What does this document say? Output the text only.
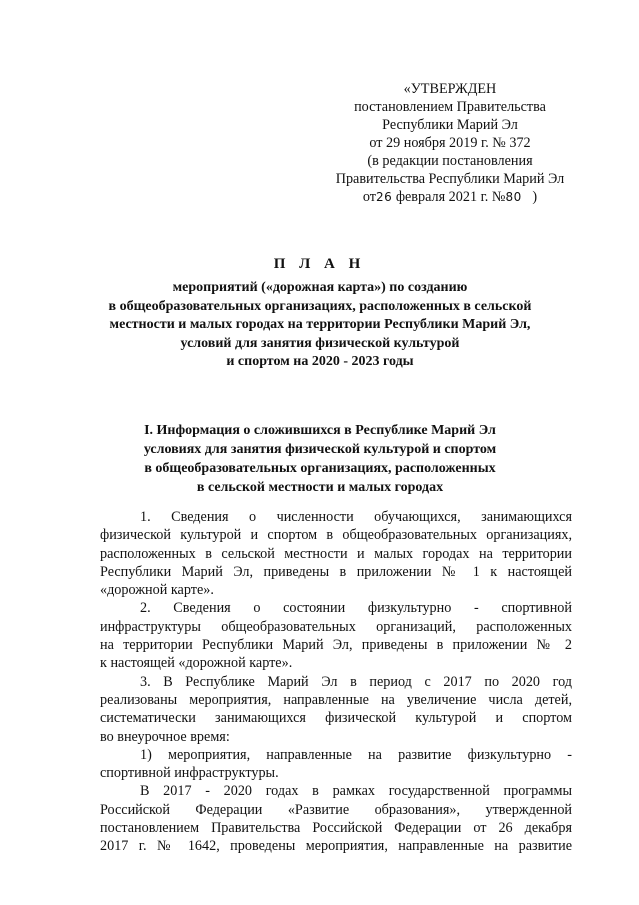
«УТВЕРЖДЕН
постановлением Правительства
Республики Марий Эл
от 29 ноября 2019 г. № 372
(в редакции постановления
Правительства Республики Марий Эл
от26 февраля 2021 г. №80 )
П Л А Н
мероприятий («дорожная карта») по созданию
в общеобразовательных организациях, расположенных в сельской
местности и малых городах на территории Республики Марий Эл,
условий для занятия физической культурой
и спортом на 2020 - 2023 годы
I. Информация о сложившихся в Республике Марий Эл
условиях для занятия физической культурой и спортом
в общеобразовательных организациях, расположенных
в сельской местности и малых городах
1. Сведения о численности обучающихся, занимающихся
физической культурой и спортом в общеобразовательных организациях,
расположенных в сельской местности и малых городах на территории
Республики Марий Эл, приведены в приложении № 1 к настоящей
«дорожной карте».
2. Сведения о состоянии физкультурно - спортивной
инфраструктуры общеобразовательных организаций, расположенных
на территории Республики Марий Эл, приведены в приложении № 2
к настоящей «дорожной карте».
3. В Республике Марий Эл в период с 2017 по 2020 год
реализованы мероприятия, направленные на увеличение числа детей,
систематически занимающихся физической культурой и спортом
во внеурочное время:
1) мероприятия, направленные на развитие физкультурно -
спортивной инфраструктуры.
В 2017 - 2020 годах в рамках государственной программы
Российской Федерации «Развитие образования», утвержденной
постановлением Правительства Российской Федерации от 26 декабря
2017 г. № 1642, проведены мероприятия, направленные на развитие
